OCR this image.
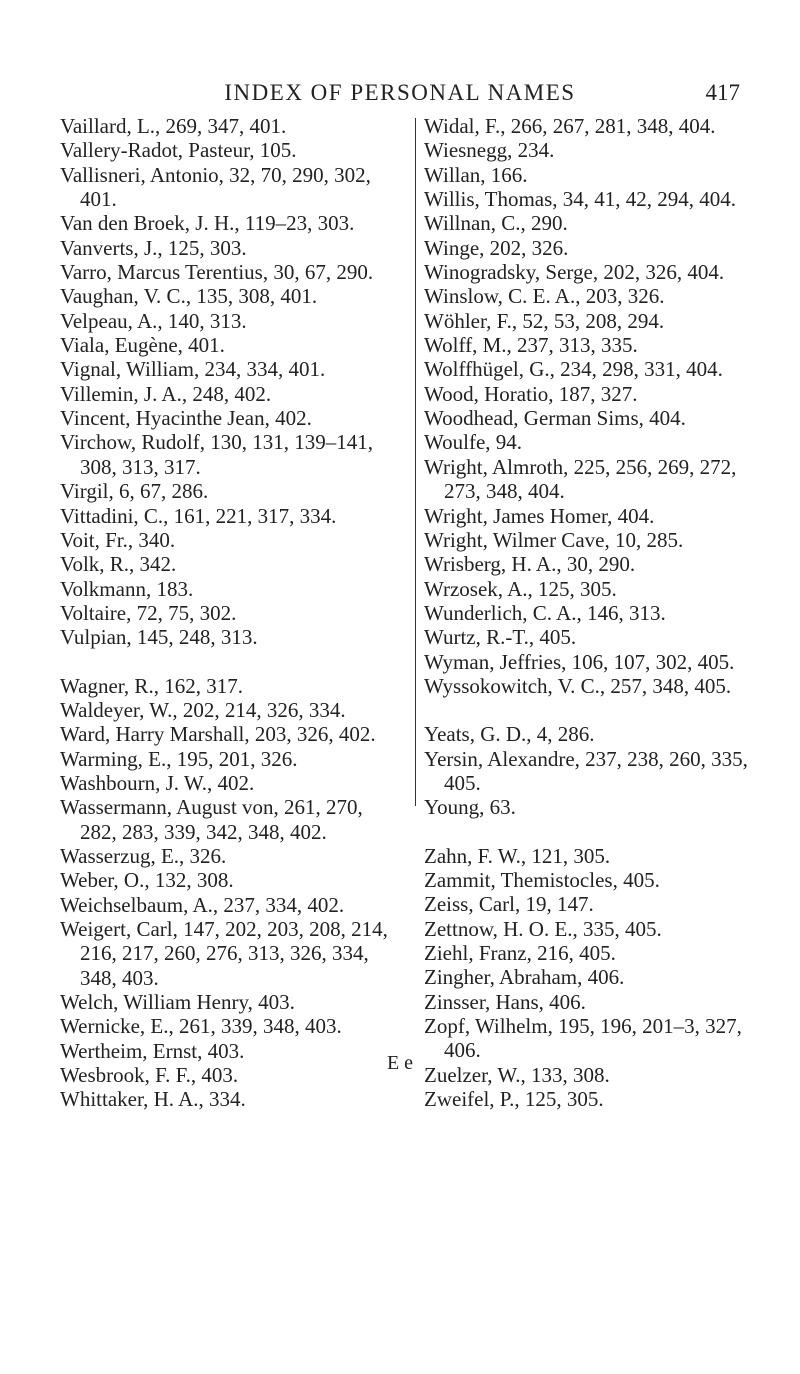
INDEX OF PERSONAL NAMES	417

Vaillard, L., 269, 347, 401.

Vallery-Radot, Pasteur, 105.

Vallisneri, Antonio, 32, 70, 290, 302, 401.

Van den Broek, J. H., 119–23, 303.

Vanverts, J., 125, 303.

Varro, Marcus Terentius, 30, 67, 290.

Vaughan, V. C., 135, 308, 401.

Velpeau, A., 140, 313.

Viala, Eugène, 401.

Vignal, William, 234, 334, 401.

Villemin, J. A., 248, 402.

Vincent, Hyacinthe Jean, 402.

Virchow, Rudolf, 130, 131, 139–141, 308, 313, 317.

Virgil, 6, 67, 286.

Vittadini, C., 161, 221, 317, 334.

Voit, Fr., 340.

Volk, R., 342.

Volkmann, 183.

Voltaire, 72, 75, 302.

Vulpian, 145, 248, 313.

Wagner, R., 162, 317.

Waldeyer, W., 202, 214, 326, 334.

Ward, Harry Marshall, 203, 326, 402.

Warming, E., 195, 201, 326.

Washbourn, J. W., 402.

Wassermann, August von, 261, 270, 282, 283, 339, 342, 348, 402.

Wasserzug, E., 326.

Weber, O., 132, 308.

Weichselbaum, A., 237, 334, 402.

Weigert, Carl, 147, 202, 203, 208, 214, 216, 217, 260, 276, 313, 326, 334, 348, 403.

Welch, William Henry, 403.

Wernicke, E., 261, 339, 348, 403.

Wertheim, Ernst, 403.

Wesbrook, F. F., 403.

Whittaker, H. A., 334.

Widal, F., 266, 267, 281, 348, 404.

Wiesnegg, 234.

Willan, 166.

Willis, Thomas, 34, 41, 42, 294, 404.

Willnan, C., 290.

Winge, 202, 326.

Winogradsky, Serge, 202, 326, 404.

Winslow, C. E. A., 203, 326.

Wöhler, F., 52, 53, 208, 294.

Wolff, M., 237, 313, 335.

Wolffhügel, G., 234, 298, 331, 404.

Wood, Horatio, 187, 327.

Woodhead, German Sims, 404.

Woulfe, 94.

Wright, Almroth, 225, 256, 269, 272, 273, 348, 404.

Wright, James Homer, 404.

Wright, Wilmer Cave, 10, 285.

Wrisberg, H. A., 30, 290.

Wrzosek, A., 125, 305.

Wunderlich, C. A., 146, 313.

Wurtz, R.-T., 405.

Wyman, Jeffries, 106, 107, 302, 405.

Wyssokowitch, V. C., 257, 348, 405.

Yeats, G. D., 4, 286.

Yersin, Alexandre, 237, 238, 260, 335, 405.

Young, 63.

Zahn, F. W., 121, 305.

Zammit, Themistocles, 405.

Zeiss, Carl, 19, 147.

Zettnow, H. O. E., 335, 405.

Ziehl, Franz, 216, 405.

Zingher, Abraham, 406.

Zinsser, Hans, 406.

Zopf, Wilhelm, 195, 196, 201–3, 327, 406.

Zuelzer, W., 133, 308.

Zweifel, P., 125, 305.

E e
